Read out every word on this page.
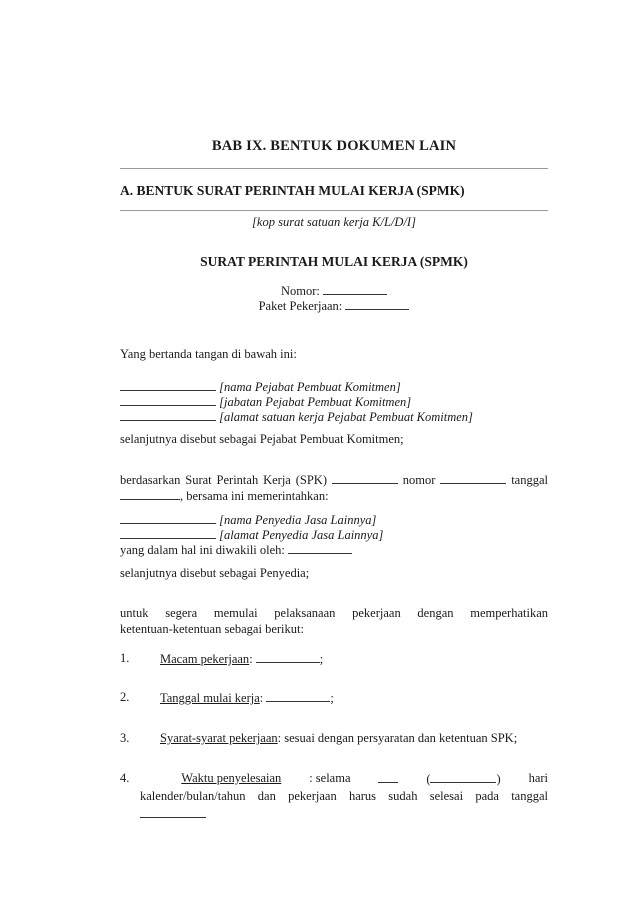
BAB IX. BENTUK DOKUMEN LAIN
A. BENTUK SURAT PERINTAH MULAI KERJA (SPMK)
[kop surat satuan kerja K/L/D/I]
SURAT PERINTAH MULAI KERJA (SPMK)
Nomor:
Paket Pekerjaan:
Yang bertanda tangan di bawah ini:
[nama Pejabat Pembuat Komitmen]
[jabatan Pejabat Pembuat Komitmen]
[alamat satuan kerja Pejabat Pembuat Komitmen]
selanjutnya disebut sebagai Pejabat Pembuat Komitmen;
berdasarkan Surat Perintah Kerja (SPK)	nomor	tanggal
, bersama ini memerintahkan:
[nama Penyedia Jasa Lainnya]
[alamat Penyedia Jasa Lainnya]
yang dalam hal ini diwakili oleh:
selanjutnya disebut sebagai Penyedia;
untuk segera memulai pelaksanaan pekerjaan dengan memperhatikan
ketentuan-ketentuan sebagai berikut:
1. Macam pekerjaan:	;
2. Tanggal mulai kerja:	;
3. Syarat-syarat pekerjaan: sesuai dengan persyaratan dan ketentuan SPK;
4.	Waktu penyelesaian : selama	(	) hari
kalender/bulan/tahun dan pekerjaan harus sudah selesai pada tanggal
